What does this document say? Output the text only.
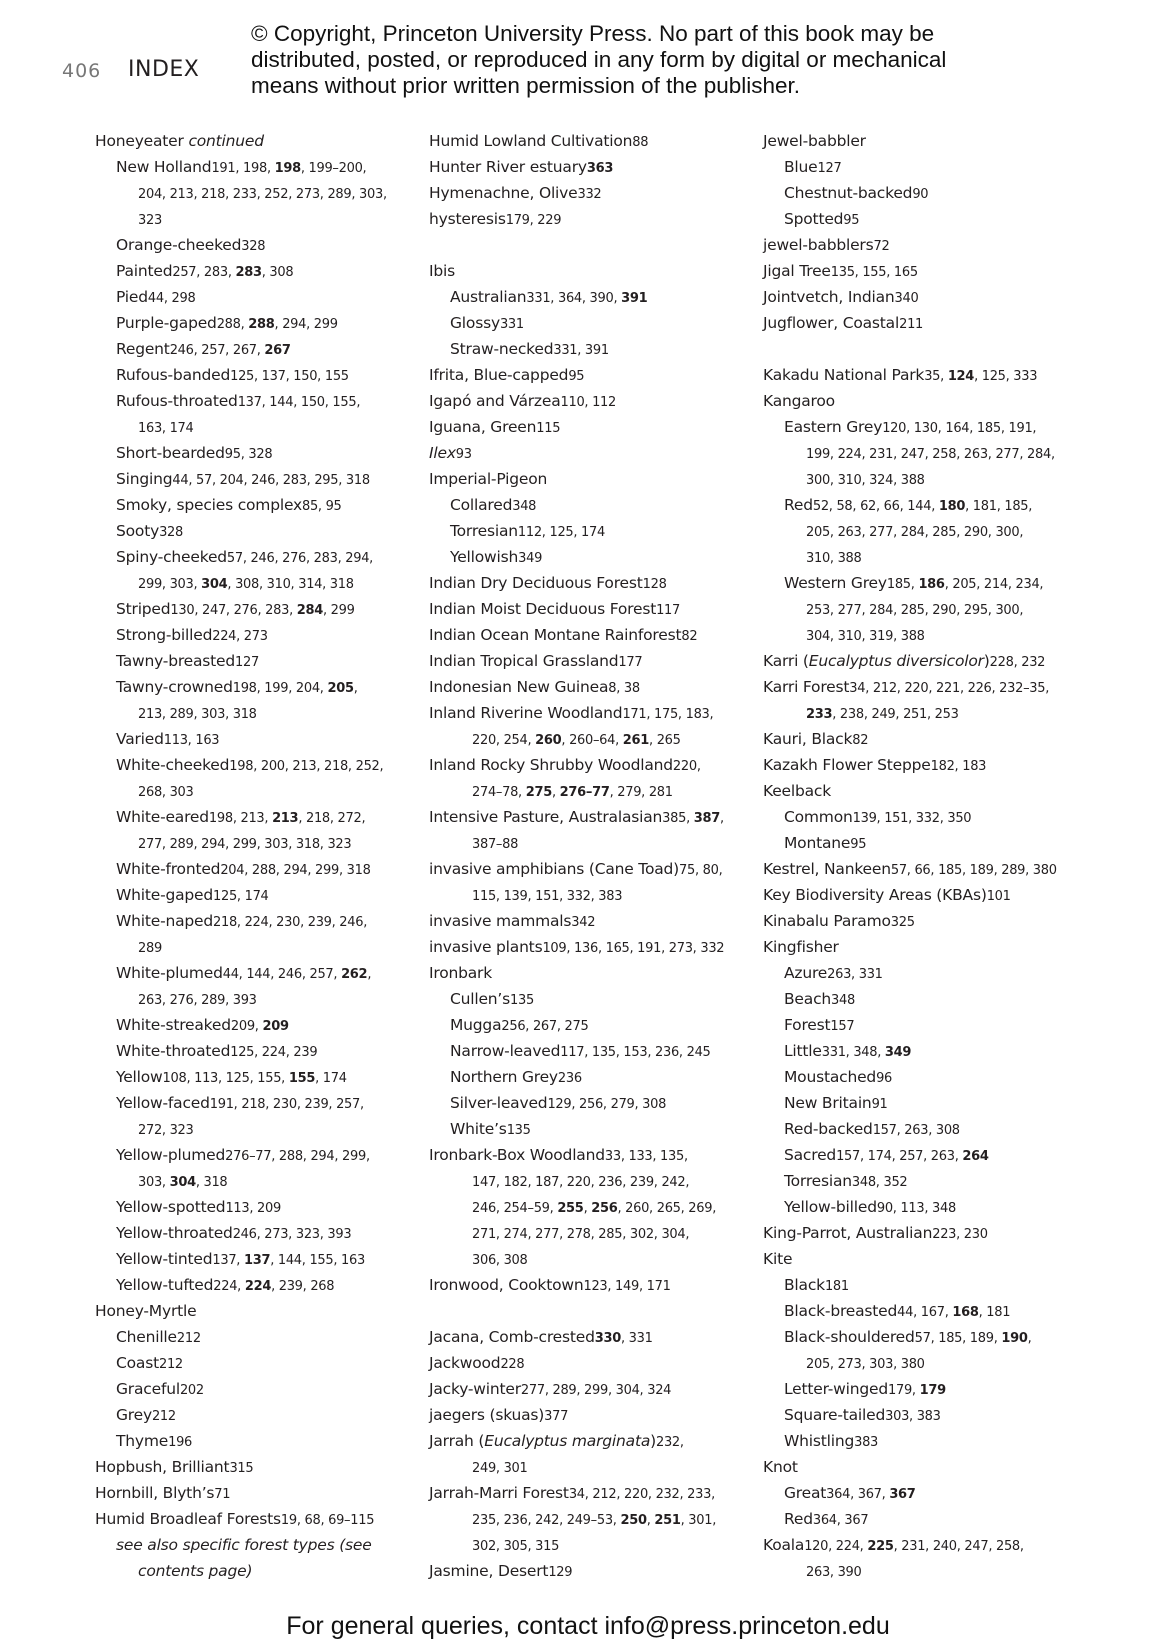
406 INDEX
© Copyright, Princeton University Press. No part of this book may be
distributed, posted, or reproduced in any form by digital or mechanical
means without prior written permission of the publisher.
Honeyeater continued
New Holland191, 198, 198, 199–200,
204, 213, 218, 233, 252, 273, 289, 303,
323
Orange-cheeked328
Painted257, 283, 283, 308
Pied44, 298
Purple-gaped288, 288, 294, 299
Regent246, 257, 267, 267
Rufous-banded125, 137, 150, 155
Rufous-throated137, 144, 150, 155,
163, 174
Short-bearded95, 328
Singing44, 57, 204, 246, 283, 295, 318
Smoky, species complex85, 95
Sooty328
Spiny-cheeked57, 246, 276, 283, 294,
299, 303, 304, 308, 310, 314, 318
Striped130, 247, 276, 283, 284, 299
Strong-billed224, 273
Tawny-breasted127
Tawny-crowned198, 199, 204, 205,
213, 289, 303, 318
Varied113, 163
White-cheeked198, 200, 213, 218, 252,
268, 303
White-eared198, 213, 213, 218, 272,
277, 289, 294, 299, 303, 318, 323
White-fronted204, 288, 294, 299, 318
White-gaped125, 174
White-naped218, 224, 230, 239, 246,
289
White-plumed44, 144, 246, 257, 262,
263, 276, 289, 393
White-streaked209, 209
White-throated125, 224, 239
Yellow108, 113, 125, 155, 155, 174
Yellow-faced191, 218, 230, 239, 257,
272, 323
Yellow-plumed276–77, 288, 294, 299,
303, 304, 318
Yellow-spotted113, 209
Yellow-throated246, 273, 323, 393
Yellow-tinted137, 137, 144, 155, 163
Yellow-tufted224, 224, 239, 268
Honey-Myrtle
Chenille212
Coast212
Graceful202
Grey212
Thyme196
Hopbush, Brilliant315
Hornbill, Blyth’s71
Humid Broadleaf Forests19, 68, 69–115
see also specific forest types (see
contents page)
Humid Lowland Cultivation88
Hunter River estuary363
Hymenachne, Olive332
hysteresis179, 229
Ibis
Australian331, 364, 390, 391
Glossy331
Straw-necked331, 391
Ifrita, Blue-capped95
Igapó and Várzea110, 112
Iguana, Green115
Ilex93
Imperial-Pigeon
Collared348
Torresian112, 125, 174
Yellowish349
Indian Dry Deciduous Forest128
Indian Moist Deciduous Forest117
Indian Ocean Montane Rainforest82
Indian Tropical Grassland177
Indonesian New Guinea8, 38
Inland Riverine Woodland171, 175, 183,
220, 254, 260, 260–64, 261, 265
Inland Rocky Shrubby Woodland220,
274–78, 275, 276–77, 279, 281
Intensive Pasture, Australasian385, 387,
387–88
invasive amphibians (Cane Toad)75, 80,
115, 139, 151, 332, 383
invasive mammals342
invasive plants109, 136, 165, 191, 273, 332
Ironbark
Cullen’s135
Mugga256, 267, 275
Narrow-leaved117, 135, 153, 236, 245
Northern Grey236
Silver-leaved129, 256, 279, 308
White’s135
Ironbark-Box Woodland33, 133, 135,
147, 182, 187, 220, 236, 239, 242,
246, 254–59, 255, 256, 260, 265, 269,
271, 274, 277, 278, 285, 302, 304,
306, 308
Ironwood, Cooktown123, 149, 171
Jacana, Comb-crested330, 331
Jackwood228
Jacky-winter277, 289, 299, 304, 324
jaegers (skuas)377
Jarrah (Eucalyptus marginata)232,
249, 301
Jarrah-Marri Forest34, 212, 220, 232, 233,
235, 236, 242, 249–53, 250, 251, 301,
302, 305, 315
Jasmine, Desert129
Jewel-babbler
Blue127
Chestnut-backed90
Spotted95
jewel-babblers72
Jigal Tree135, 155, 165
Jointvetch, Indian340
Jugflower, Coastal211
Kakadu National Park35, 124, 125, 333
Kangaroo
Eastern Grey120, 130, 164, 185, 191,
199, 224, 231, 247, 258, 263, 277, 284,
300, 310, 324, 388
Red52, 58, 62, 66, 144, 180, 181, 185,
205, 263, 277, 284, 285, 290, 300,
310, 388
Western Grey185, 186, 205, 214, 234,
253, 277, 284, 285, 290, 295, 300,
304, 310, 319, 388
Karri (Eucalyptus diversicolor)228, 232
Karri Forest34, 212, 220, 221, 226, 232–35,
233, 238, 249, 251, 253
Kauri, Black82
Kazakh Flower Steppe182, 183
Keelback
Common139, 151, 332, 350
Montane95
Kestrel, Nankeen57, 66, 185, 189, 289, 380
Key Biodiversity Areas (KBAs)101
Kinabalu Paramo325
Kingfisher
Azure263, 331
Beach348
Forest157
Little331, 348, 349
Moustached96
New Britain91
Red-backed157, 263, 308
Sacred157, 174, 257, 263, 264
Torresian348, 352
Yellow-billed90, 113, 348
King-Parrot, Australian223, 230
Kite
Black181
Black-breasted44, 167, 168, 181
Black-shouldered57, 185, 189, 190,
205, 273, 303, 380
Letter-winged179, 179
Square-tailed303, 383
Whistling383
Knot
Great364, 367, 367
Red364, 367
Koala120, 224, 225, 231, 240, 247, 258,
263, 390
For general queries, contact info@press.princeton.edu
